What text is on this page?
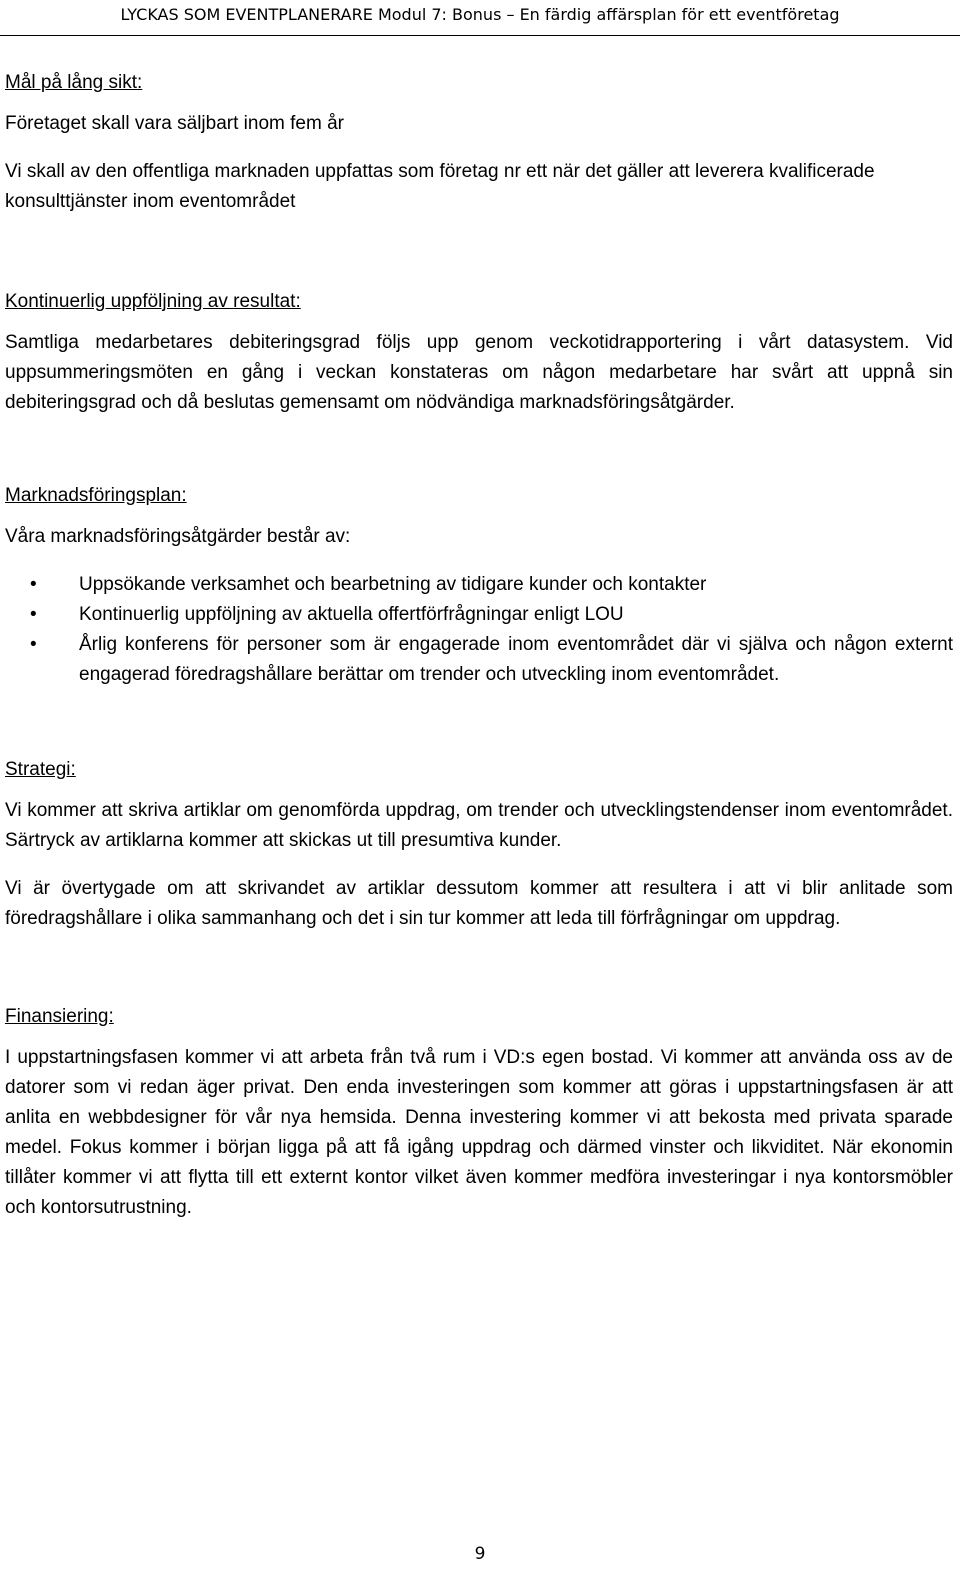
LYCKAS SOM EVENTPLANERARE Modul 7: Bonus – En färdig affärsplan för ett eventföretag
Mål på lång sikt:
Företaget skall vara säljbart inom fem år
Vi skall av den offentliga marknaden uppfattas som företag nr ett när det gäller att leverera kvalificerade konsulttjänster inom eventområdet
Kontinuerlig uppföljning av resultat:
Samtliga medarbetares debiteringsgrad följs upp genom veckotidrapportering i vårt datasystem. Vid uppsummeringsmöten en gång i veckan konstateras om någon medarbetare har svårt att uppnå sin debiteringsgrad och då beslutas gemensamt om nödvändiga marknadsföringsåtgärder.
Marknadsföringsplan:
Våra marknadsföringsåtgärder består av:
• Uppsökande verksamhet och bearbetning av tidigare kunder och kontakter
• Kontinuerlig uppföljning av aktuella offertförfrågningar enligt LOU
• Årlig konferens för personer som är engagerade inom eventområdet där vi själva och någon externt engagerad föredragshållare berättar om trender och utveckling inom eventområdet.
Strategi:
Vi kommer att skriva artiklar om genomförda uppdrag, om trender och utvecklingstendenser inom eventområdet. Särtryck av artiklarna kommer att skickas ut till presumtiva kunder.
Vi är övertygade om att skrivandet av artiklar dessutom kommer att resultera i att vi blir anlitade som föredragshållare i olika sammanhang och det i sin tur kommer att leda till förfrågningar om uppdrag.
Finansiering:
I uppstartningsfasen kommer vi att arbeta från två rum i VD:s egen bostad. Vi kommer att använda oss av de datorer som vi redan äger privat. Den enda investeringen som kommer att göras i uppstartningsfasen är att anlita en webbdesigner för vår nya hemsida. Denna investering kommer vi att bekosta med privata sparade medel. Fokus kommer i början ligga på att få igång uppdrag och därmed vinster och likviditet. När ekonomin tillåter kommer vi att flytta till ett externt kontor vilket även kommer medföra investeringar i nya kontorsmöbler och kontorsutrustning.
9
